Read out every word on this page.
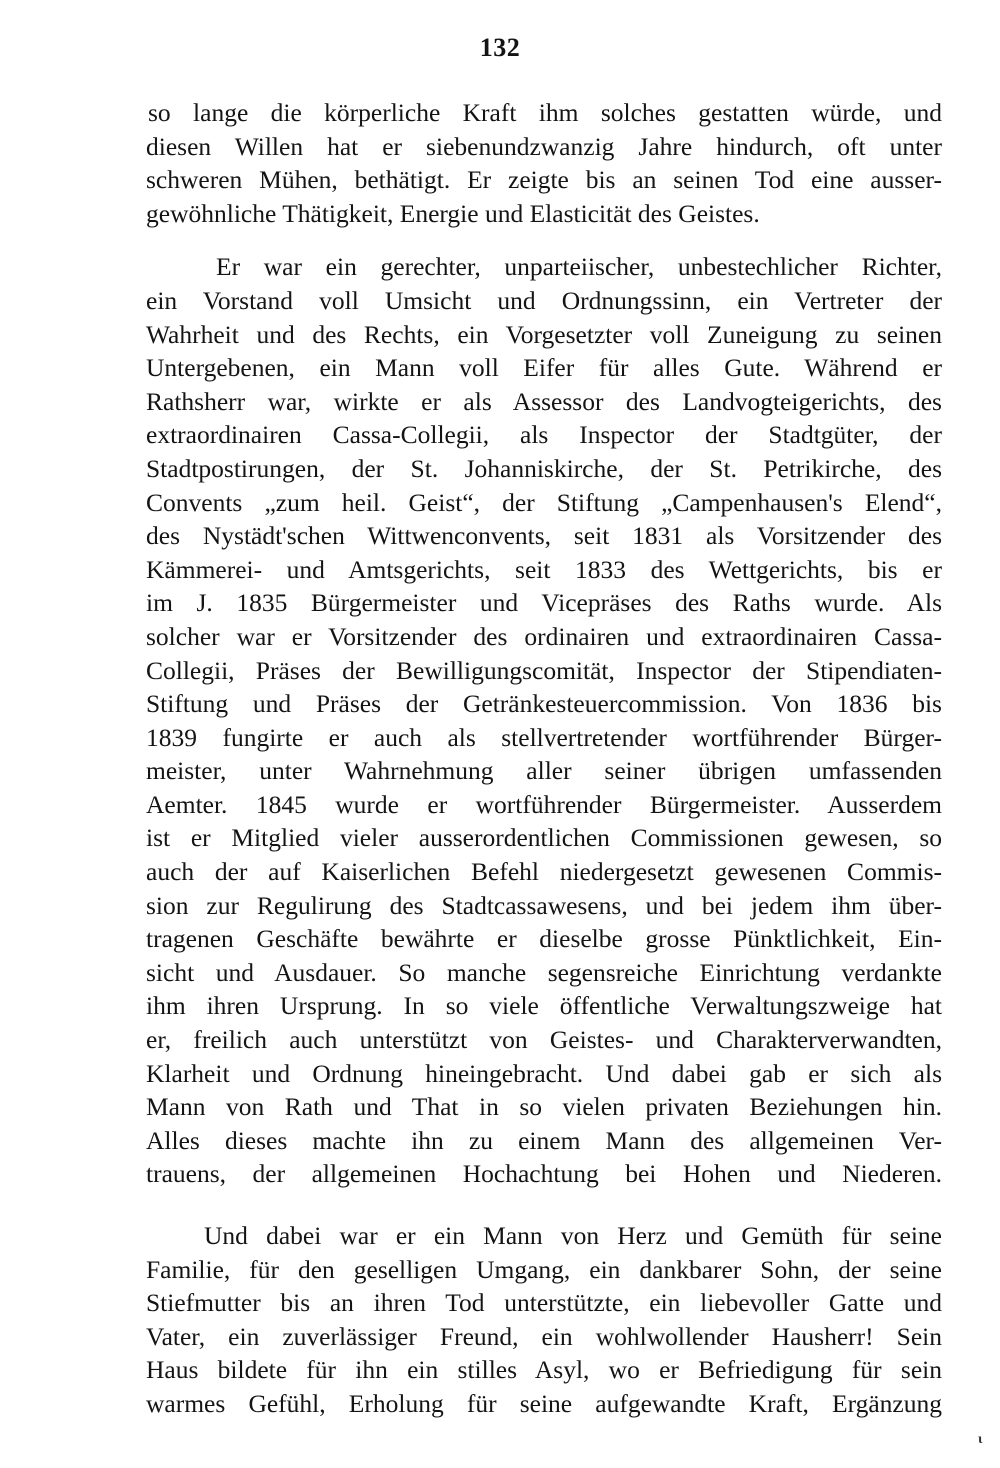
132

so lange die körperliche Kraft ihm solches gestatten würde, und
diesen Willen hat er siebenundzwanzig Jahre hindurch, oft unter
schweren Mühen, bethätigt. Er zeigte bis an seinen Tod eine ausser-
gewöhnliche Thätigkeit, Energie und Elasticität des Geistes.

Er war ein gerechter, unparteiischer, unbestechlicher Richter,
ein Vorstand voll Umsicht und Ordnungssinn, ein Vertreter der
Wahrheit und des Rechts, ein Vorgesetzter voll Zuneigung zu seinen
Untergebenen, ein Mann voll Eifer für alles Gute. Während er
Rathsherr war, wirkte er als Assessor des Landvogteigerichts, des
extraordinairen Cassa-Collegii, als Inspector der Stadtgüter, der
Stadtpostirungen, der St. Johanniskirche, der St. Petrikirche, des
Convents „zum heil. Geist“, der Stiftung „Campenhausen's Elend“,
des Nystädt'schen Wittwenconvents, seit 1831 als Vorsitzender des
Kämmerei- und Amtsgerichts, seit 1833 des Wettgerichts, bis er
im J. 1835 Bürgermeister und Vicepräses des Raths wurde. Als
solcher war er Vorsitzender des ordinairen und extraordinairen Cassa-
Collegii, Präses der Bewilligungscomität, Inspector der Stipendiaten-
Stiftung und Präses der Getränkesteuercommission. Von 1836 bis
1839 fungirte er auch als stellvertretender wortführender Bürger-
meister, unter Wahrnehmung aller seiner übrigen umfassenden
Aemter. 1845 wurde er wortführender Bürgermeister. Ausserdem
ist er Mitglied vieler ausserordentlichen Commissionen gewesen, so
auch der auf Kaiserlichen Befehl niedergesetzt gewesenen Commis-
sion zur Regulirung des Stadtcassawesens, und bei jedem ihm über-
tragenen Geschäfte bewährte er dieselbe grosse Pünktlichkeit, Ein-
sicht und Ausdauer. So manche segensreiche Einrichtung verdankte
ihm ihren Ursprung. In so viele öffentliche Verwaltungszweige hat
er, freilich auch unterstützt von Geistes- und Charakterverwandten,
Klarheit und Ordnung hineingebracht. Und dabei gab er sich als
Mann von Rath und That in so vielen privaten Beziehungen hin.
Alles dieses machte ihn zu einem Mann des allgemeinen Ver-
trauens, der allgemeinen Hochachtung bei Hohen und Niederen.

Und dabei war er ein Mann von Herz und Gemüth für seine
Familie, für den geselligen Umgang, ein dankbarer Sohn, der seine
Stiefmutter bis an ihren Tod unterstützte, ein liebevoller Gatte und
Vater, ein zuverlässiger Freund, ein wohlwollender Hausherr! Sein
Haus bildete für ihn ein stilles Asyl, wo er Befriedigung für sein
warmes Gefühl, Erholung für seine aufgewandte Kraft, Ergänzung

ι
